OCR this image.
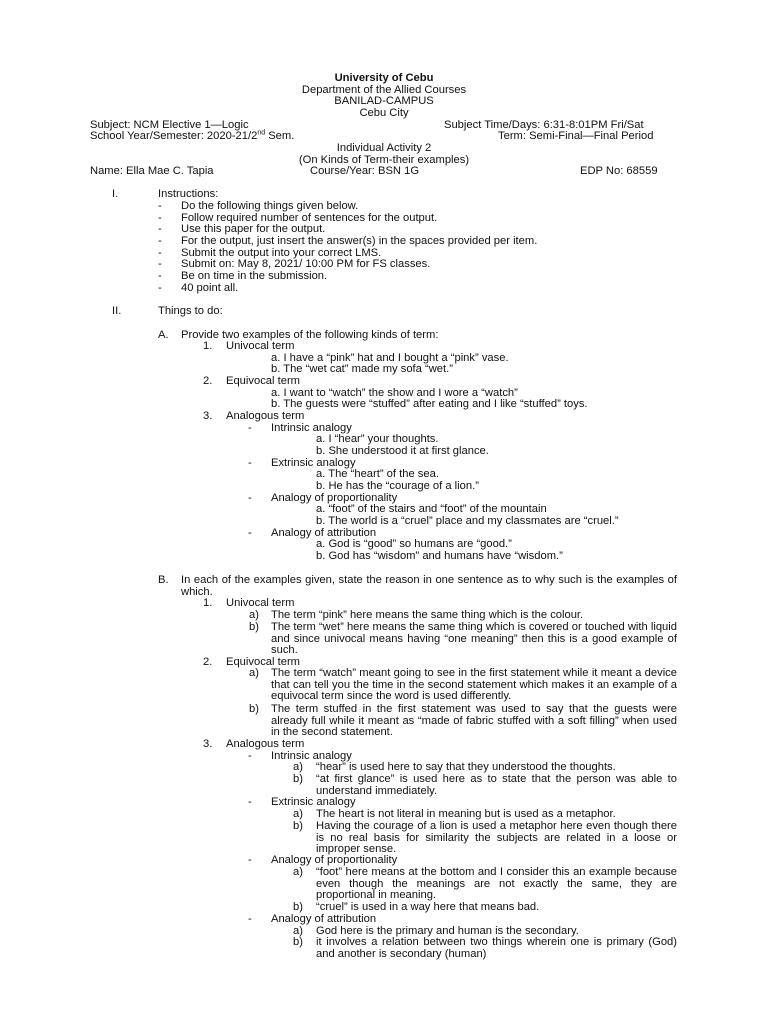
University of Cebu
Department of the Allied Courses
BANILAD-CAMPUS
Cebu City
Subject: NCM Elective 1—Logic	Subject Time/Days: 6:31-8:01PM Fri/Sat
School Year/Semester: 2020-21/2nd Sem.	Term: Semi-Final—Final Period
Individual Activity 2
(On Kinds of Term-their examples)
Name: Ella Mae C. Tapia	Course/Year: BSN 1G	EDP No: 68559
I.	Instructions:
- Do the following things given below.
- Follow required number of sentences for the output.
- Use this paper for the output.
- For the output, just insert the answer(s) in the spaces provided per item.
- Submit the output into your correct LMS.
- Submit on: May 8, 2021/ 10:00 PM for FS classes.
- Be on time in the submission.
- 40 point all.
II.	Things to do:
A. Provide two examples of the following kinds of term:
1. Univocal term
a. I have a “pink” hat and I bought a “pink” vase.
b. The “wet cat” made my sofa “wet.”
2. Equivocal term
a. I want to “watch” the show and I wore a “watch”
b. The guests were “stuffed” after eating and I like “stuffed” toys.
3. Analogous term
- Intrinsic analogy
a. I “hear” your thoughts.
b. She understood it at first glance.
- Extrinsic analogy
a. The “heart” of the sea.
b. He has the “courage of a lion.”
- Analogy of proportionality
a. “foot” of the stairs and “foot” of the mountain
b. The world is a “cruel” place and my classmates are “cruel.”
- Analogy of attribution
a. God is “good” so humans are “good.”
b. God has “wisdom” and humans have “wisdom.”
B. In each of the examples given, state the reason in one sentence as to why such is the examples of which.
1. Univocal term
a) The term “pink” here means the same thing which is the colour.
b) The term “wet” here means the same thing which is covered or touched with liquid and since univocal means having “one meaning” then this is a good example of such.
2. Equivocal term
a) The term “watch” meant going to see in the first statement while it meant a device that can tell you the time in the second statement which makes it an example of a equivocal term since the word is used differently.
b) The term stuffed in the first statement was used to say that the guests were already full while it meant as “made of fabric stuffed with a soft filling” when used in the second statement.
3. Analogous term
- Intrinsic analogy
a) “hear” is used here to say that they understood the thoughts.
b) “at first glance” is used here as to state that the person was able to understand immediately.
- Extrinsic analogy
a) The heart is not literal in meaning but is used as a metaphor.
b) Having the courage of a lion is used a metaphor here even though there is no real basis for similarity the subjects are related in a loose or improper sense.
- Analogy of proportionality
a) “foot” here means at the bottom and I consider this an example because even though the meanings are not exactly the same, they are proportional in meaning.
b) “cruel” is used in a way here that means bad.
- Analogy of attribution
a) God here is the primary and human is the secondary.
b) it involves a relation between two things wherein one is primary (God) and another is secondary (human)
